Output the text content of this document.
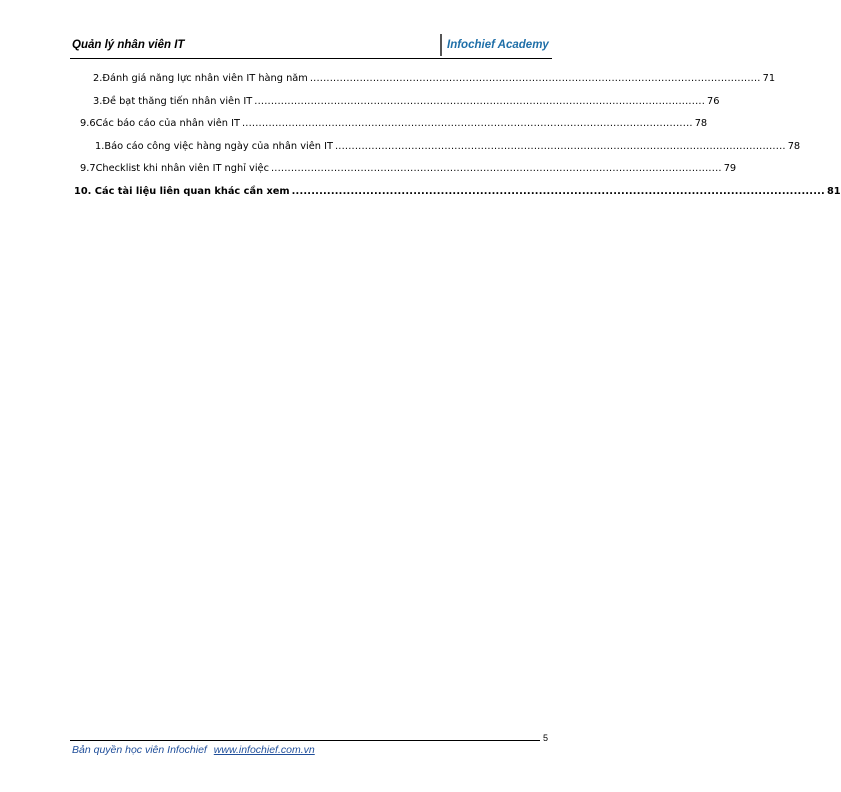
Quản lý nhân viên IT	Infochief Academy
2. Đánh giá năng lực nhân viên IT hàng năm ........................................................................................................................................ 71
3. Đề bạt thăng tiến nhân viên IT ........................................................................................................................................ 76
9.6 Các báo cáo của nhân viên IT ........................................................................................................................................ 78
1. Báo cáo công việc hàng ngày của nhân viên IT ........................................................................................................................................ 78
9.7 Checklist khi nhân viên IT nghỉ việc ........................................................................................................................................ 79
10 . Các tài liệu liên quan khác cần xem ........................................................................................................................................ 81
5
Bản quyền học viên Infochief www.infochief.com.vn
